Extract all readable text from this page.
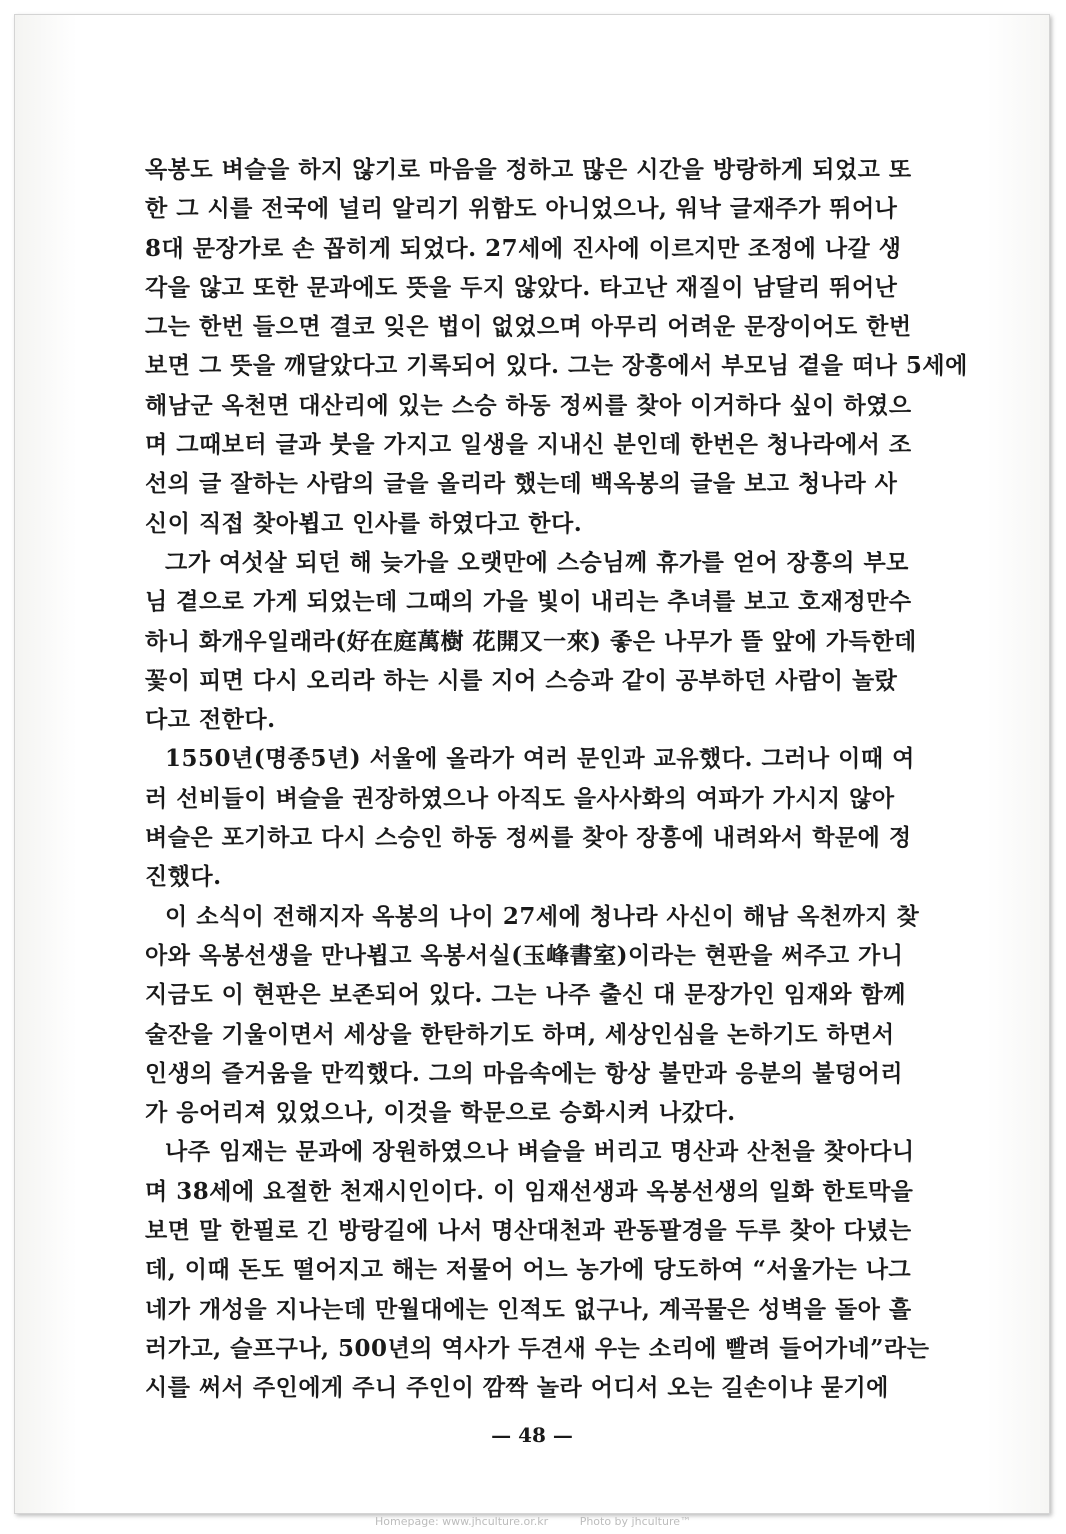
옥봉도 벼슬을 하지 않기로 마음을 정하고 많은 시간을 방랑하게 되었고 또
한 그 시를 전국에 널리 알리기 위함도 아니었으나, 워낙 글재주가 뛰어나
8대 문장가로 손 꼽히게 되었다. 27세에 진사에 이르지만 조정에 나갈 생
각을 않고 또한 문과에도 뜻을 두지 않았다. 타고난 재질이 남달리 뛰어난
그는 한번 들으면 결코 잊은 법이 없었으며 아무리 어려운 문장이어도 한번
보면 그 뜻을 깨달았다고 기록되어 있다. 그는 장흥에서 부모님 곁을 떠나 5세에
해남군 옥천면 대산리에 있는 스승 하동 정씨를 찾아 이거하다 싶이 하였으
며 그때보터 글과 붓을 가지고 일생을 지내신 분인데 한번은 청나라에서 조
선의 글 잘하는 사람의 글을 올리라 했는데 백옥봉의 글을 보고 청나라 사
신이 직접 찾아뵙고 인사를 하였다고 한다.
그가 여섯살 되던 해 늦가을 오랫만에 스승님께 휴가를 얻어 장흥의 부모
님 곁으로 가게 되었는데 그때의 가을 빛이 내리는 추녀를 보고 호재정만수
하니 화개우일래라(好在庭萬樹 花開又一來) 좋은 나무가 뜰 앞에 가득한데
꽃이 피면 다시 오리라 하는 시를 지어 스승과 같이 공부하던 사람이 놀랐
다고 전한다.
1550년(명종5년) 서울에 올라가 여러 문인과 교유했다. 그러나 이때 여
러 선비들이 벼슬을 권장하였으나 아직도 을사사화의 여파가 가시지 않아
벼슬은 포기하고 다시 스승인 하동 정씨를 찾아 장흥에 내려와서 학문에 정
진했다.
이 소식이 전해지자 옥봉의 나이 27세에 청나라 사신이 해남 옥천까지 찾
아와 옥봉선생을 만나뵙고 옥봉서실(玉峰書室)이라는 현판을 써주고 가니
지금도 이 현판은 보존되어 있다. 그는 나주 출신 대 문장가인 임재와 함께
술잔을 기울이면서 세상을 한탄하기도 하며, 세상인심을 논하기도 하면서
인생의 즐거움을 만끽했다. 그의 마음속에는 항상 불만과 응분의 불덩어리
가 응어리져 있었으나, 이것을 학문으로 승화시켜 나갔다.
나주 임재는 문과에 장원하였으나 벼슬을 버리고 명산과 산천을 찾아다니
며 38세에 요절한 천재시인이다. 이 임재선생과 옥봉선생의 일화 한토막을
보면 말 한필로 긴 방랑길에 나서 명산대천과 관동팔경을 두루 찾아 다녔는
데, 이때 돈도 떨어지고 해는 저물어 어느 농가에 당도하여 “서울가는 나그
네가 개성을 지나는데 만월대에는 인적도 없구나, 계곡물은 성벽을 돌아 흘
러가고, 슬프구나, 500년의 역사가 두견새 우는 소리에 빨려 들어가네”라는
시를 써서 주인에게 주니 주인이 깜짝 놀라 어디서 오는 길손이냐 묻기에
— 48 —
Homepage: www.jhculture.or.kr	Photo by jhculture™
